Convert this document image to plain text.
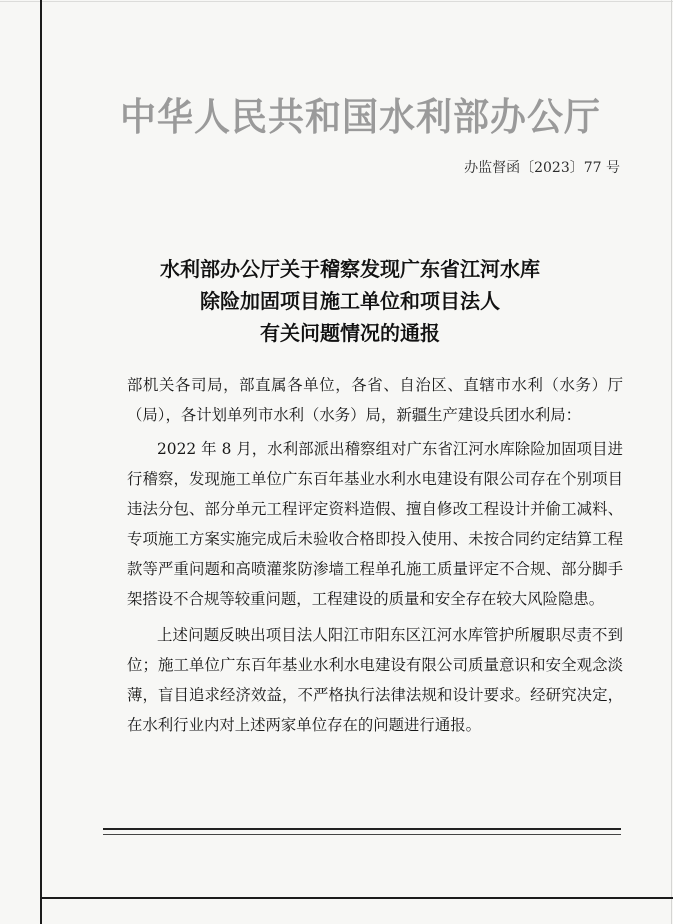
中华人民共和国水利部办公厅
办监督函〔2023〕77 号
水利部办公厅关于稽察发现广东省江河水库
除险加固项目施工单位和项目法人
有关问题情况的通报

部机关各司局，部直属各单位，各省、自治区、直辖市水利（水务）厅（局），各计划单列市水利（水务）局，新疆生产建设兵团水利局：

2022 年 8 月，水利部派出稽察组对广东省江河水库除险加固项目进行稽察，发现施工单位广东百年基业水利水电建设有限公司存在个别项目违法分包、部分单元工程评定资料造假、擅自修改工程设计并偷工减料、专项施工方案实施完成后未验收合格即投入使用、未按合同约定结算工程款等严重问题和高喷灌浆防渗墙工程单孔施工质量评定不合规、部分脚手架搭设不合规等较重问题，工程建设的质量和安全存在较大风险隐患。

上述问题反映出项目法人阳江市阳东区江河水库管护所履职尽责不到位；施工单位广东百年基业水利水电建设有限公司质量意识和安全观念淡薄，盲目追求经济效益，不严格执行法律法规和设计要求。经研究决定，在水利行业内对上述两家单位存在的问题进行通报。
